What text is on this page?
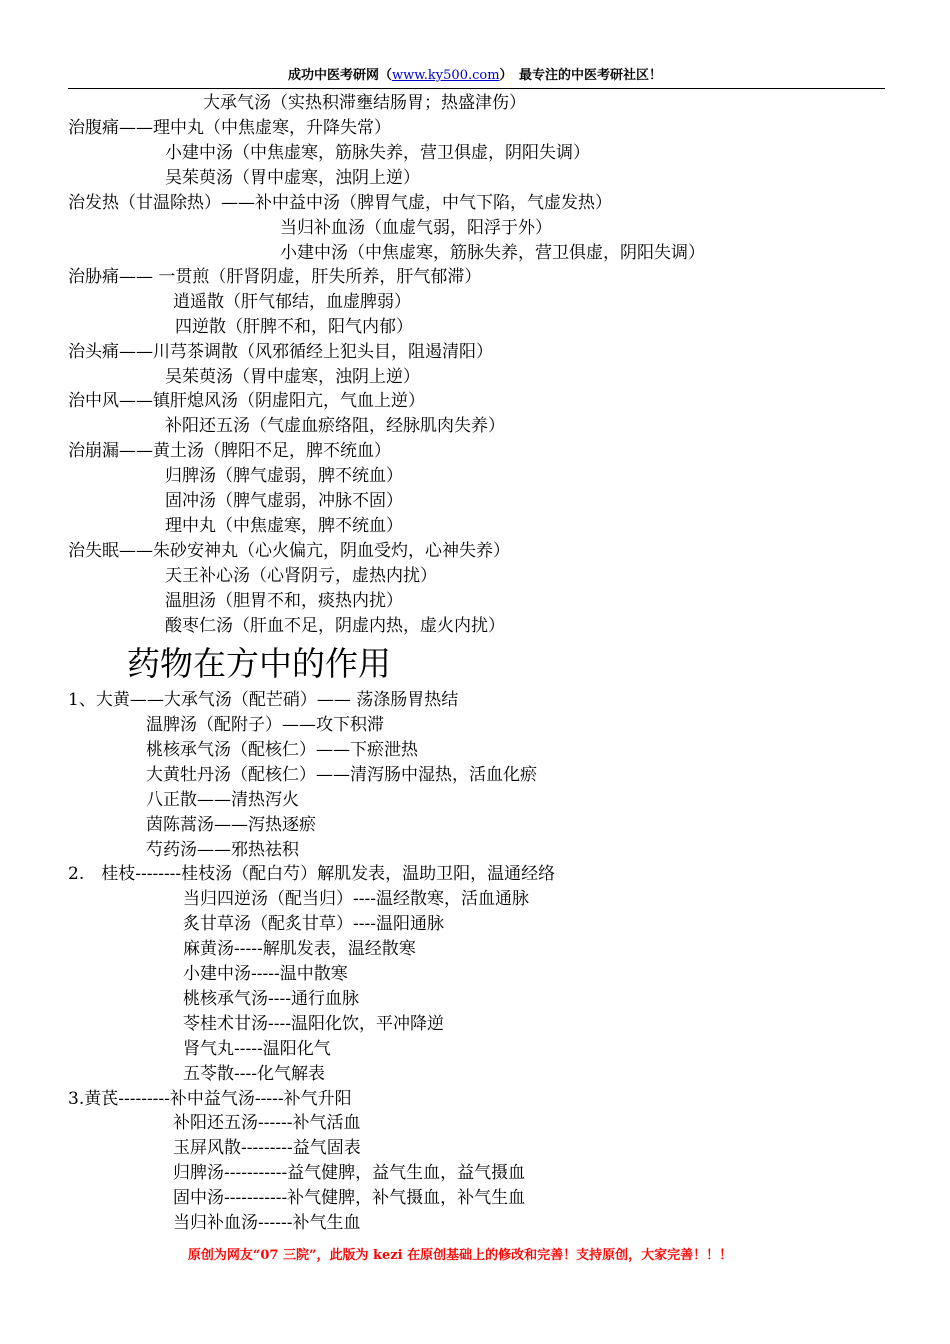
成功中医考研网（www.ky500.com）　最专注的中医考研社区！
大承气汤（实热积滞壅结肠胃；热盛津伤）
治腹痛——理中丸（中焦虚寒，升降失常）
小建中汤（中焦虚寒，筋脉失养，营卫俱虚，阴阳失调）
吴茱萸汤（胃中虚寒，浊阴上逆）
治发热（甘温除热）——补中益中汤（脾胃气虚，中气下陷，气虚发热）
当归补血汤（血虚气弱，阳浮于外）
小建中汤（中焦虚寒，筋脉失养，营卫俱虚，阴阳失调）
治胁痛—— 一贯煎（肝肾阴虚，肝失所养，肝气郁滞）
逍遥散（肝气郁结，血虚脾弱）
四逆散（肝脾不和，阳气内郁）
治头痛——川芎茶调散（风邪循经上犯头目，阻遏清阳）
吴茱萸汤（胃中虚寒，浊阴上逆）
治中风——镇肝熄风汤（阴虚阳亢，气血上逆）
补阳还五汤（气虚血瘀络阻，经脉肌肉失养）
治崩漏——黄土汤（脾阳不足，脾不统血）
归脾汤（脾气虚弱，脾不统血）
固冲汤（脾气虚弱，冲脉不固）
理中丸（中焦虚寒，脾不统血）
治失眠——朱砂安神丸（心火偏亢，阴血受灼，心神失养）
天王补心汤（心肾阴亏，虚热内扰）
温胆汤（胆胃不和，痰热内扰）
酸枣仁汤（肝血不足，阴虚内热，虚火内扰）
药物在方中的作用
1、大黄——大承气汤（配芒硝）—— 荡涤肠胃热结
温脾汤（配附子）——攻下积滞
桃核承气汤（配核仁）——下瘀泄热
大黄牡丹汤（配核仁）——清泻肠中湿热，活血化瘀
八正散——清热泻火
茵陈蒿汤——泻热逐瘀
芍药汤——邪热祛积
2.　桂枝--------桂枝汤（配白芍）解肌发表，温助卫阳，温通经络
当归四逆汤（配当归）----温经散寒，活血通脉
炙甘草汤（配炙甘草）----温阳通脉
麻黄汤-----解肌发表，温经散寒
小建中汤-----温中散寒
桃核承气汤----通行血脉
苓桂术甘汤----温阳化饮，平冲降逆
肾气丸-----温阳化气
五苓散----化气解表
3.黄芪---------补中益气汤-----补气升阳
补阳还五汤------补气活血
玉屏风散---------益气固表
归脾汤-----------益气健脾，益气生血，益气摄血
固中汤-----------补气健脾，补气摄血，补气生血
当归补血汤------补气生血
原创为网友“07 三院”，此版为 kezi 在原创基础上的修改和完善！支持原创，大家完善！！！
